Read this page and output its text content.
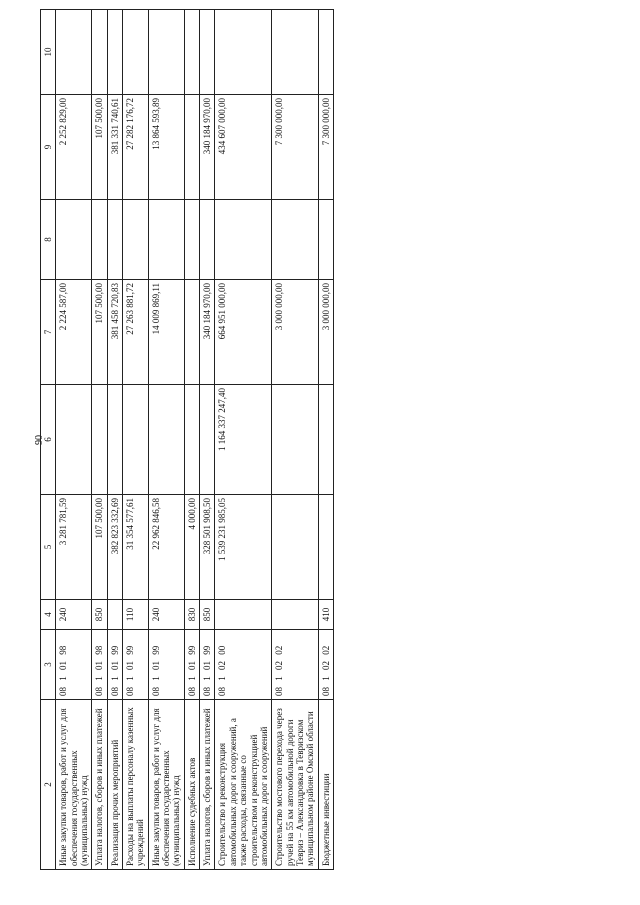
90
2	3	4	5	6	7	8	9	10
Иные закупки товаров, работ и услуг для обеспечения государственных (муниципальных) нужд	08 1 01 98	240	3 281 781,59		2 224 587,00		2 252 829,00	
Уплата налогов, сборов и иных платежей	08 1 01 98	850	107 500,00		107 500,00		107 500,00	
Реализация прочих мероприятий	08 1 01 99		382 823 332,69		381 458 720,83		381 331 740,61	
Расходы на выплаты персоналу казенных учреждений	08 1 01 99	110	31 354 577,61		27 263 881,72		27 282 176,72	
Иные закупки товаров, работ и услуг для обеспечения государственных (муниципальных) нужд	08 1 01 99	240	22 962 846,58		14 009 869,11		13 864 593,89	
Исполнение судебных актов	08 1 01 99	830	4 000,00					
Уплата налогов, сборов и иных платежей	08 1 01 99	850	328 501 908,50		340 184 970,00		340 184 970,00	
Строительство и реконструкция автомобильных дорог и сооружений, а также расходы, связанные со строительством и реконструкцией автомобильных дорог и сооружений	08 1 02 00		1 539 231 985,05	1 164 337 247,40	664 951 000,00		434 607 000,00	
Строительство мостового перехода через ручей на 55 км автомобильной дороги Тевриз – Александровка в Тевризском муниципальном районе Омской области	08 1 02 02				3 000 000,00		7 300 000,00	
Бюджетные инвестиции	08 1 02 02	410			3 000 000,00		7 300 000,00	
